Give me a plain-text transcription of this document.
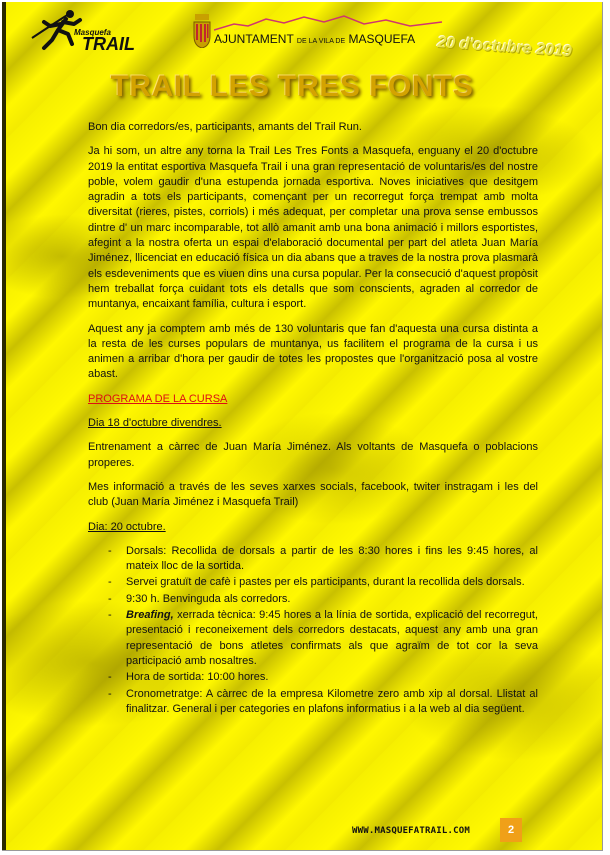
Masquefa
TRAIL	AJUNTAMENT DE LA VILA DE MASQUEFA 20 d'octubre 2019
TRAIL LES TRES FONTS

Bon dia corredors/es, participants, amants del Trail Run.

Ja hi som, un altre any torna la Trail Les Tres Fonts a Masquefa, enguany el 20 d'octubre 2019 la entitat esportiva Masquefa Trail i una gran representació de voluntaris/es del nostre poble, volem gaudir d'una estupenda jornada esportiva. Noves iniciatives que desitgem agradin a tots els participants, començant per un recorregut força trempat amb molta diversitat (rieres, pistes, corriols) i més adequat, per completar una prova sense embussos dintre d' un marc incomparable, tot allò amanit amb una bona animació i millors esportistes, afegint a la nostra oferta un espai d'elaboració documental per part del atleta Juan María Jiménez, llicenciat en educació física un dia abans que a traves de la nostra prova plasmarà els esdeveniments que es viuen dins una cursa popular. Per la consecució d'aquest propòsit hem treballat força cuidant tots els detalls que som conscients, agraden al corredor de muntanya, encaixant família, cultura i esport.

Aquest any ja comptem amb més de 130 voluntaris que fan d'aquesta una cursa distinta a la resta de les curses populars de muntanya, us facilitem el programa de la cursa i us animen a arribar d'hora per gaudir de totes les propostes que l'organització posa al vostre abast.

PROGRAMA DE LA CURSA

Dia 18 d'octubre divendres.

Entrenament a càrrec de Juan María Jiménez. Als voltants de Masquefa o poblacions properes.

Mes informació a través de les seves xarxes socials, facebook, twiter instragam i les del club (Juan María Jiménez i Masquefa Trail)

Dia: 20 octubre.

- Dorsals: Recollida de dorsals a partir de les 8:30 hores i fins les 9:45 hores, al mateix lloc de la sortida.
- Servei gratuït de cafè i pastes per els participants, durant la recollida dels dorsals.
- 9:30 h. Benvinguda als corredors.
- Breafing, xerrada tècnica: 9:45 hores a la línia de sortida, explicació del recorregut, presentació i reconeixement dels corredors destacats, aquest any amb una gran representació de bons atletes confirmats als que agraïm de tot cor la seva participació amb nosaltres.
- Hora de sortida: 10:00 hores.
- Cronometratge: A càrrec de la empresa Kilometre zero amb xip al dorsal. Llistat al finalitzar. General i per categories en plafons informatius i a la web al dia següent.
WWW.MASQUEFATRAIL.COM	2
